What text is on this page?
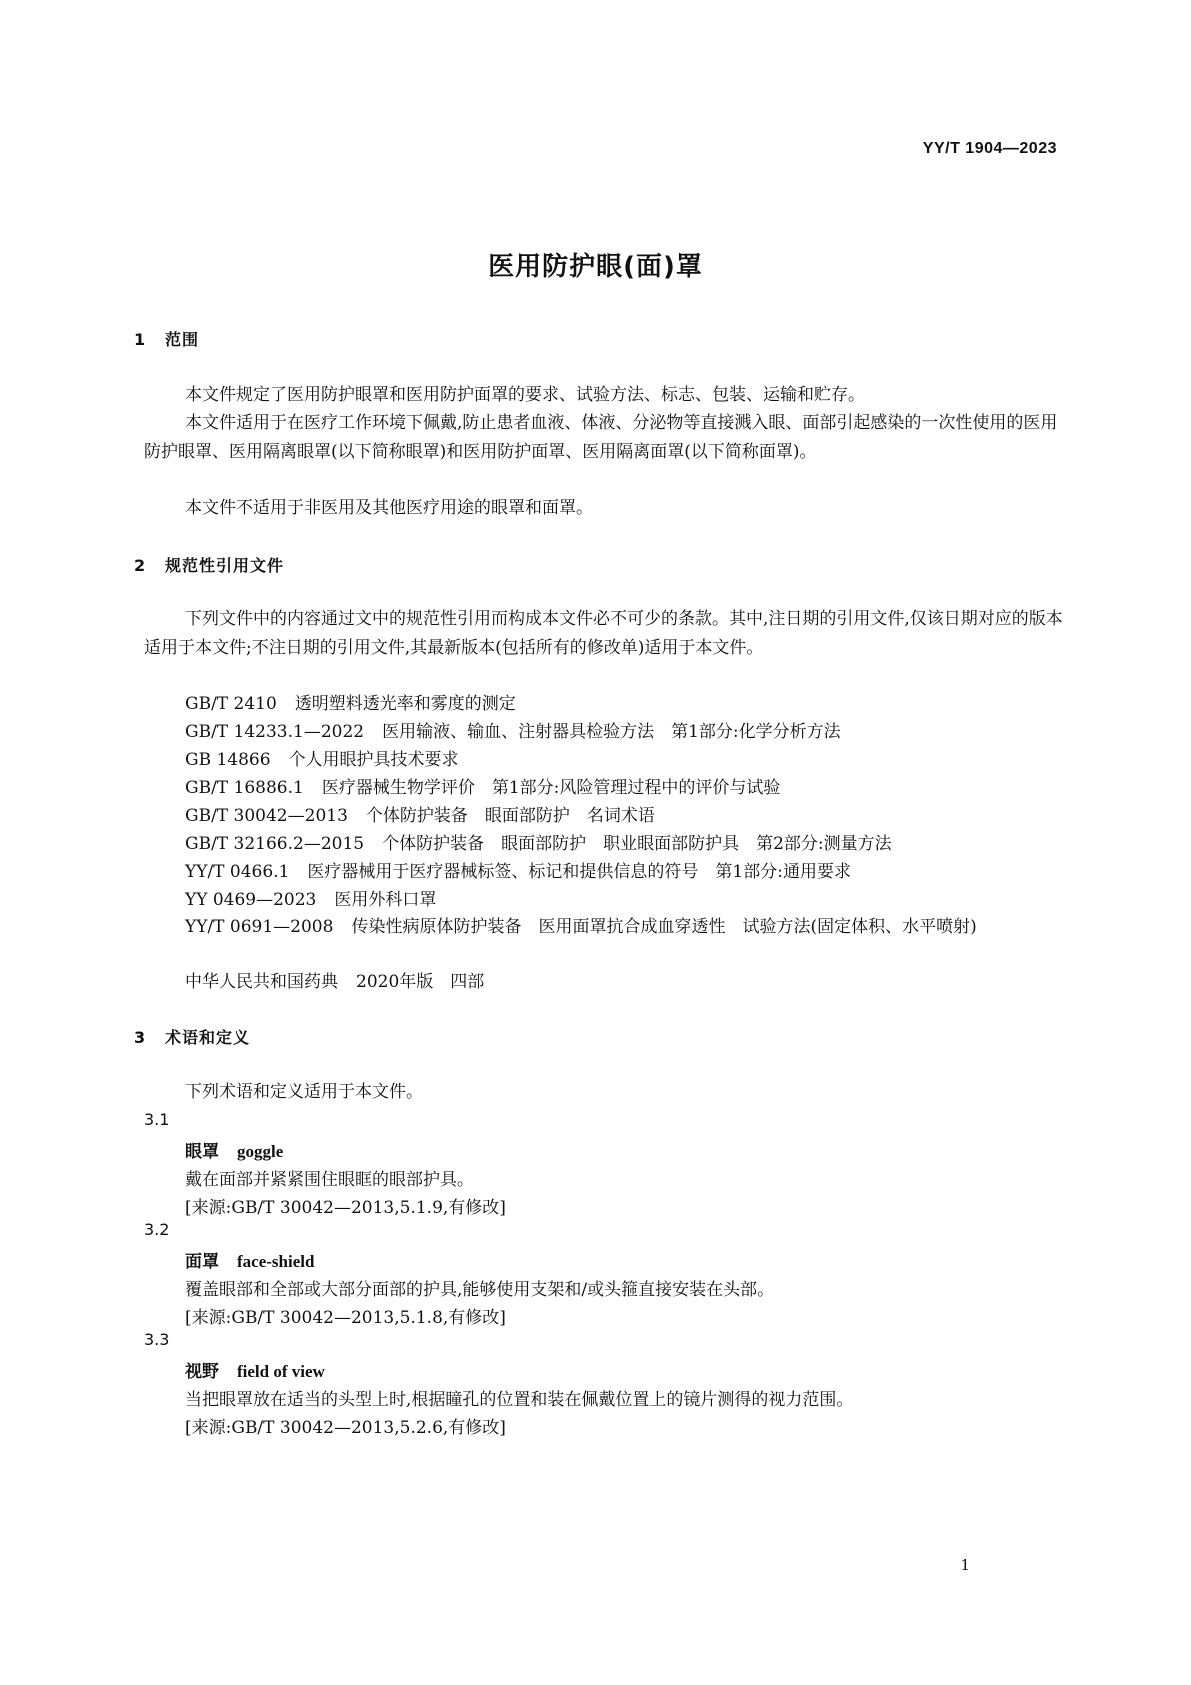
YY/T 1904—2023
医用防护眼(面)罩
1 范围
本文件规定了医用防护眼罩和医用防护面罩的要求、试验方法、标志、包装、运输和贮存。
本文件适用于在医疗工作环境下佩戴,防止患者血液、体液、分泌物等直接溅入眼、面部引起感染的一次性使用的医用防护眼罩、医用隔离眼罩(以下简称眼罩)和医用防护面罩、医用隔离面罩(以下简称面罩)。
本文件不适用于非医用及其他医疗用途的眼罩和面罩。
2 规范性引用文件
下列文件中的内容通过文中的规范性引用而构成本文件必不可少的条款。其中,注日期的引用文件,仅该日期对应的版本适用于本文件;不注日期的引用文件,其最新版本(包括所有的修改单)适用于本文件。
GB/T 2410 透明塑料透光率和雾度的测定
GB/T 14233.1—2022 医用输液、输血、注射器具检验方法　第1部分:化学分析方法
GB 14866 个人用眼护具技术要求
GB/T 16886.1 医疗器械生物学评价　第1部分:风险管理过程中的评价与试验
GB/T 30042—2013 个体防护装备　眼面部防护　名词术语
GB/T 32166.2—2015 个体防护装备　眼面部防护　职业眼面部防护具　第2部分:测量方法
YY/T 0466.1 医疗器械用于医疗器械标签、标记和提供信息的符号　第1部分:通用要求
YY 0469—2023 医用外科口罩
YY/T 0691—2008 传染性病原体防护装备　医用面罩抗合成血穿透性　试验方法(固定体积、水平喷射)
中华人民共和国药典 2020年版　四部
3 术语和定义
下列术语和定义适用于本文件。
3.1
眼罩 goggle
戴在面部并紧紧围住眼眶的眼部护具。
[来源:GB/T 30042—2013,5.1.9,有修改]
3.2
面罩 face-shield
覆盖眼部和全部或大部分面部的护具,能够使用支架和/或头箍直接安装在头部。
[来源:GB/T 30042—2013,5.1.8,有修改]
3.3
视野 field of view
当把眼罩放在适当的头型上时,根据瞳孔的位置和装在佩戴位置上的镜片测得的视力范围。
[来源:GB/T 30042—2013,5.2.6,有修改]
1
